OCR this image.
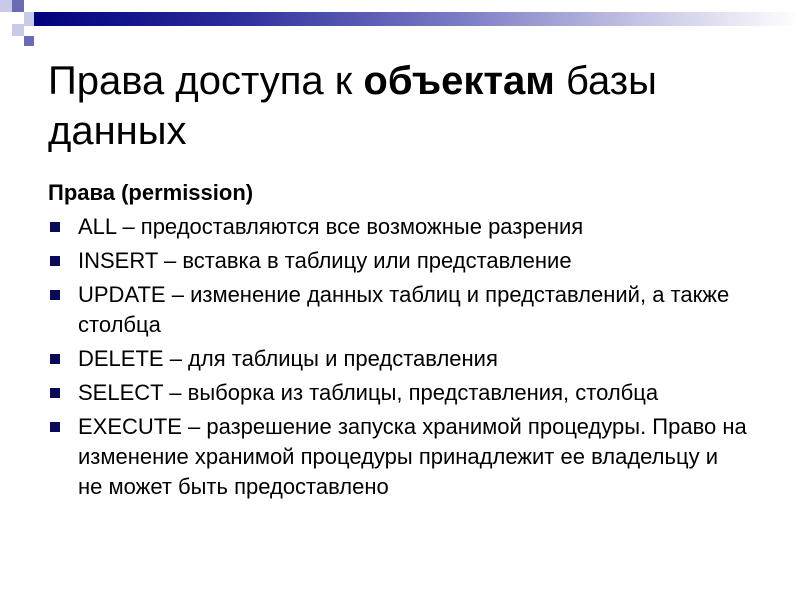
Права доступа к объектам базы данных
Права (permission)
ALL – предоставляются все возможные разрения
INSERT – вставка в таблицу или представление
UPDATE – изменение данных таблиц и представлений, а также столбца
DELETE – для таблицы и представления
SELECT – выборка из таблицы, представления, столбца
EXECUTE – разрешение запуска хранимой процедуры. Право на изменение хранимой процедуры принадлежит ее владельцу и не может быть предоставлено
